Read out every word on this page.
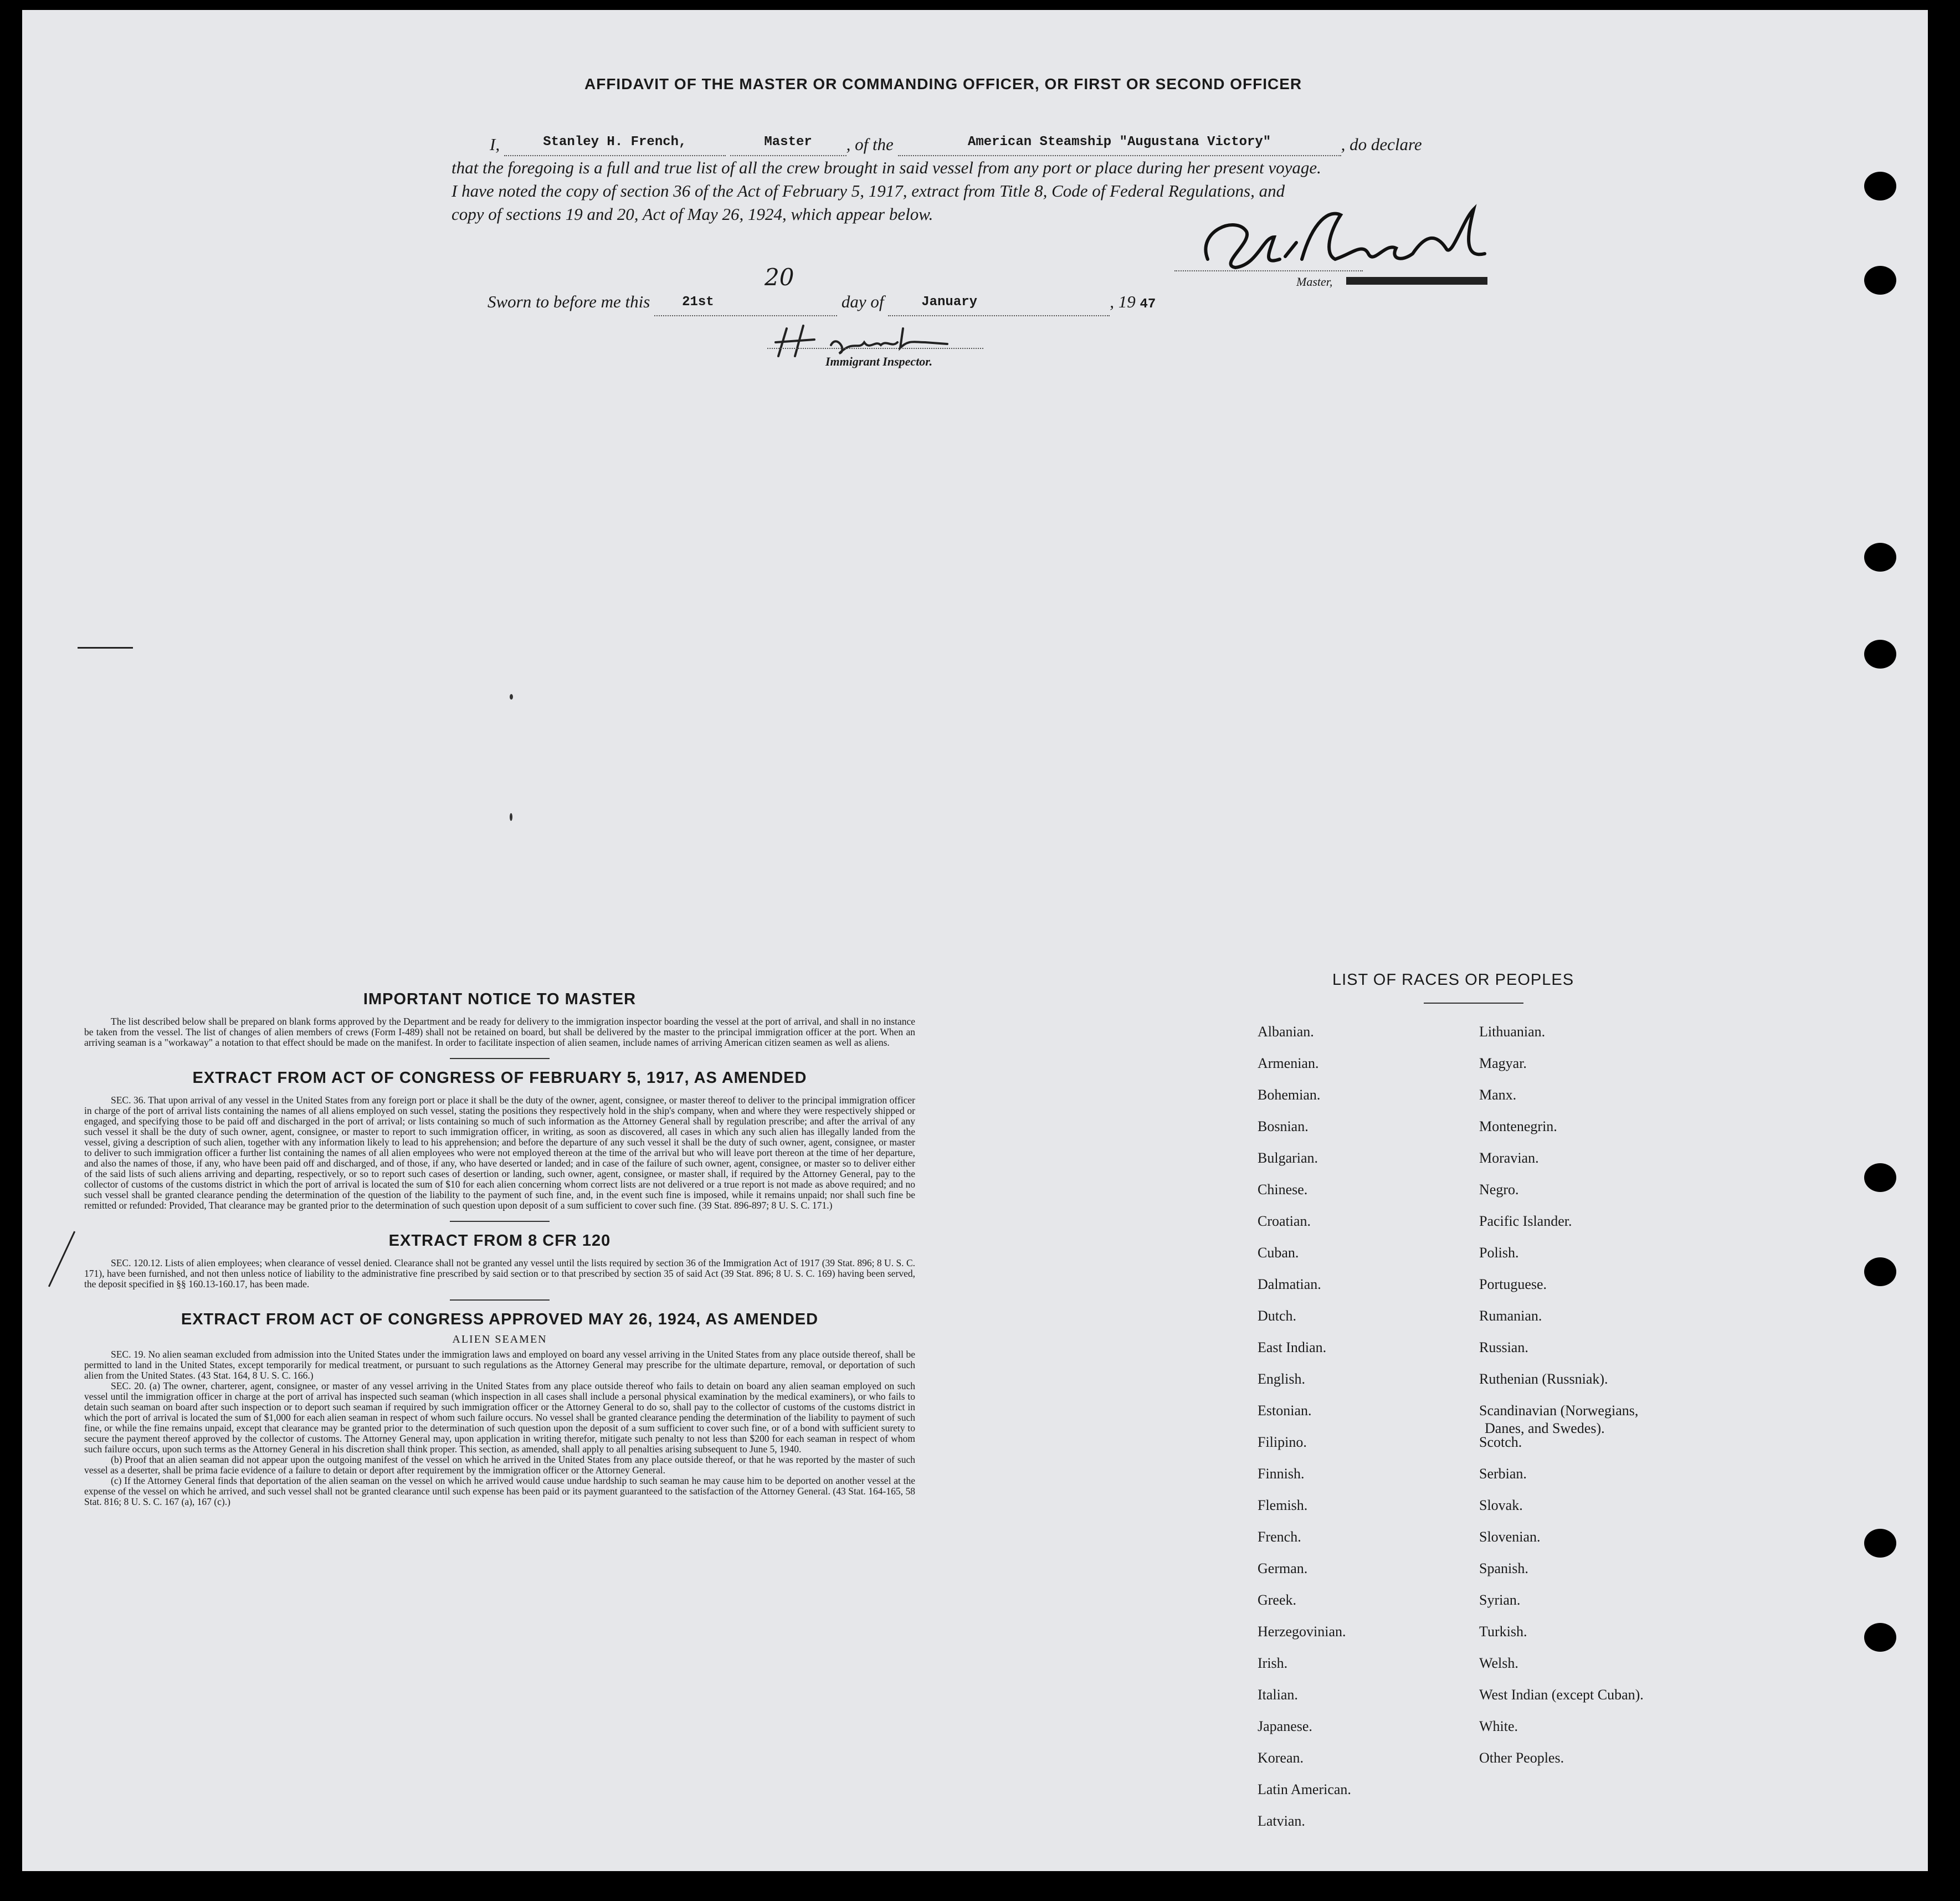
AFFIDAVIT OF THE MASTER OR COMMANDING OFFICER, OR FIRST OR SECOND OFFICER
I,	Stanley H. French,
	Master	, of the	American Steamship "Augustana Victory"	, do declare
that the foregoing is a full and true list of all the crew brought in said vessel from any port or place during her present voyage.
I have noted the copy of section 36 of the Act of February 5, 1917, extract from Title 8, Code of Federal Regulations, and
copy of sections 19 and 20, Act of May 26, 1924, which appear below.
Master,
Sworn to before me this	21st	day of	January	, 19 47
20
Immigrant Inspector.
IMPORTANT NOTICE TO MASTER

The list described below shall be prepared on blank forms approved by the Department and be ready for delivery to the immigration inspector boarding the vessel at the port of arrival, and shall in no instance be taken from the vessel. The list of changes of alien members of crews (Form I-489) shall not be retained on board, but shall be delivered by the master to the principal immigration officer at the port. When an arriving seaman is a "workaway" a notation to that effect should be made on the manifest. In order to facilitate inspection of alien seamen, include names of arriving American citizen seamen as well as aliens.

EXTRACT FROM ACT OF CONGRESS OF FEBRUARY 5, 1917, AS AMENDED

SEC. 36. That upon arrival of any vessel in the United States from any foreign port or place it shall be the duty of the owner, agent, consignee, or master thereof to deliver to the principal immigration officer in charge of the port of arrival lists containing the names of all aliens employed on such vessel, stating the positions they respectively hold in the ship's company, when and where they were respectively shipped or engaged, and specifying those to be paid off and discharged in the port of arrival; or lists containing so much of such information as the Attorney General shall by regulation prescribe; and after the arrival of any such vessel it shall be the duty of such owner, agent, consignee, or master to report to such immigration officer, in writing, as soon as discovered, all cases in which any such alien has illegally landed from the vessel, giving a description of such alien, together with any information likely to lead to his apprehension; and before the departure of any such vessel it shall be the duty of such owner, agent, consignee, or master to deliver to such immigration officer a further list containing the names of all alien employees who were not employed thereon at the time of the arrival but who will leave port thereon at the time of her departure, and also the names of those, if any, who have been paid off and discharged, and of those, if any, who have deserted or landed; and in case of the failure of such owner, agent, consignee, or master so to deliver either of the said lists of such aliens arriving and departing, respectively, or so to report such cases of desertion or landing, such owner, agent, consignee, or master shall, if required by the Attorney General, pay to the collector of customs of the customs district in which the port of arrival is located the sum of $10 for each alien concerning whom correct lists are not delivered or a true report is not made as above required; and no such vessel shall be granted clearance pending the determination of the question of the liability to the payment of such fine, and, in the event such fine is imposed, while it remains unpaid; nor shall such fine be remitted or refunded: Provided, That clearance may be granted prior to the determination of such question upon deposit of a sum sufficient to cover such fine. (39 Stat. 896-897; 8 U. S. C. 171.)

EXTRACT FROM 8 CFR 120

SEC. 120.12. Lists of alien employees; when clearance of vessel denied. Clearance shall not be granted any vessel until the lists required by section 36 of the Immigration Act of 1917 (39 Stat. 896; 8 U. S. C. 171), have been furnished, and not then unless notice of liability to the administrative fine prescribed by said section or to that prescribed by section 35 of said Act (39 Stat. 896; 8 U. S. C. 169) having been served, the deposit specified in §§ 160.13-160.17, has been made.

EXTRACT FROM ACT OF CONGRESS APPROVED MAY 26, 1924, AS AMENDED
ALIEN SEAMEN

SEC. 19. No alien seaman excluded from admission into the United States under the immigration laws and employed on board any vessel arriving in the United States from any place outside thereof, shall be permitted to land in the United States, except temporarily for medical treatment, or pursuant to such regulations as the Attorney General may prescribe for the ultimate departure, removal, or deportation of such alien from the United States. (43 Stat. 164, 8 U. S. C. 166.)

SEC. 20. (a) The owner, charterer, agent, consignee, or master of any vessel arriving in the United States from any place outside thereof who fails to detain on board any alien seaman employed on such vessel until the immigration officer in charge at the port of arrival has inspected such seaman (which inspection in all cases shall include a personal physical examination by the medical examiners), or who fails to detain such seaman on board after such inspection or to deport such seaman if required by such immigration officer or the Attorney General to do so, shall pay to the collector of customs of the customs district in which the port of arrival is located the sum of $1,000 for each alien seaman in respect of whom such failure occurs. No vessel shall be granted clearance pending the determination of the liability to payment of such fine, or while the fine remains unpaid, except that clearance may be granted prior to the determination of such question upon the deposit of a sum sufficient to cover such fine, or of a bond with sufficient surety to secure the payment thereof approved by the collector of customs. The Attorney General may, upon application in writing therefor, mitigate such penalty to not less than $200 for each seaman in respect of whom such failure occurs, upon such terms as the Attorney General in his discretion shall think proper. This section, as amended, shall apply to all penalties arising subsequent to June 5, 1940.

(b) Proof that an alien seaman did not appear upon the outgoing manifest of the vessel on which he arrived in the United States from any place outside thereof, or that he was reported by the master of such vessel as a deserter, shall be prima facie evidence of a failure to detain or deport after requirement by the immigration officer or the Attorney General.

(c) If the Attorney General finds that deportation of the alien seaman on the vessel on which he arrived would cause undue hardship to such seaman he may cause him to be deported on another vessel at the expense of the vessel on which he arrived, and such vessel shall not be granted clearance until such expense has been paid or its payment guaranteed to the satisfaction of the Attorney General. (43 Stat. 164-165, 58 Stat. 816; 8 U. S. C. 167 (a), 167 (c).)

LIST OF RACES OR PEOPLES
Albanian.
Armenian.
Bohemian.
Bosnian.
Bulgarian.
Chinese.
Croatian.
Cuban.
Dalmatian.
Dutch.
East Indian.
English.
Estonian.
Filipino.
Finnish.
Flemish.
French.
German.
Greek.
Herzegovinian.
Irish.
Italian.
Japanese.
Korean.
Latin American.
Latvian.
Lithuanian.
Magyar.
Manx.
Montenegrin.
Moravian.
Negro.
Pacific Islander.
Polish.
Portuguese.
Rumanian.
Russian.
Ruthenian (Russniak).
Scandinavian (Norwegians,
Danes, and Swedes).
Scotch.
Serbian.
Slovak.
Slovenian.
Spanish.
Syrian.
Turkish.
Welsh.
West Indian (except Cuban).
White.
Other Peoples.
